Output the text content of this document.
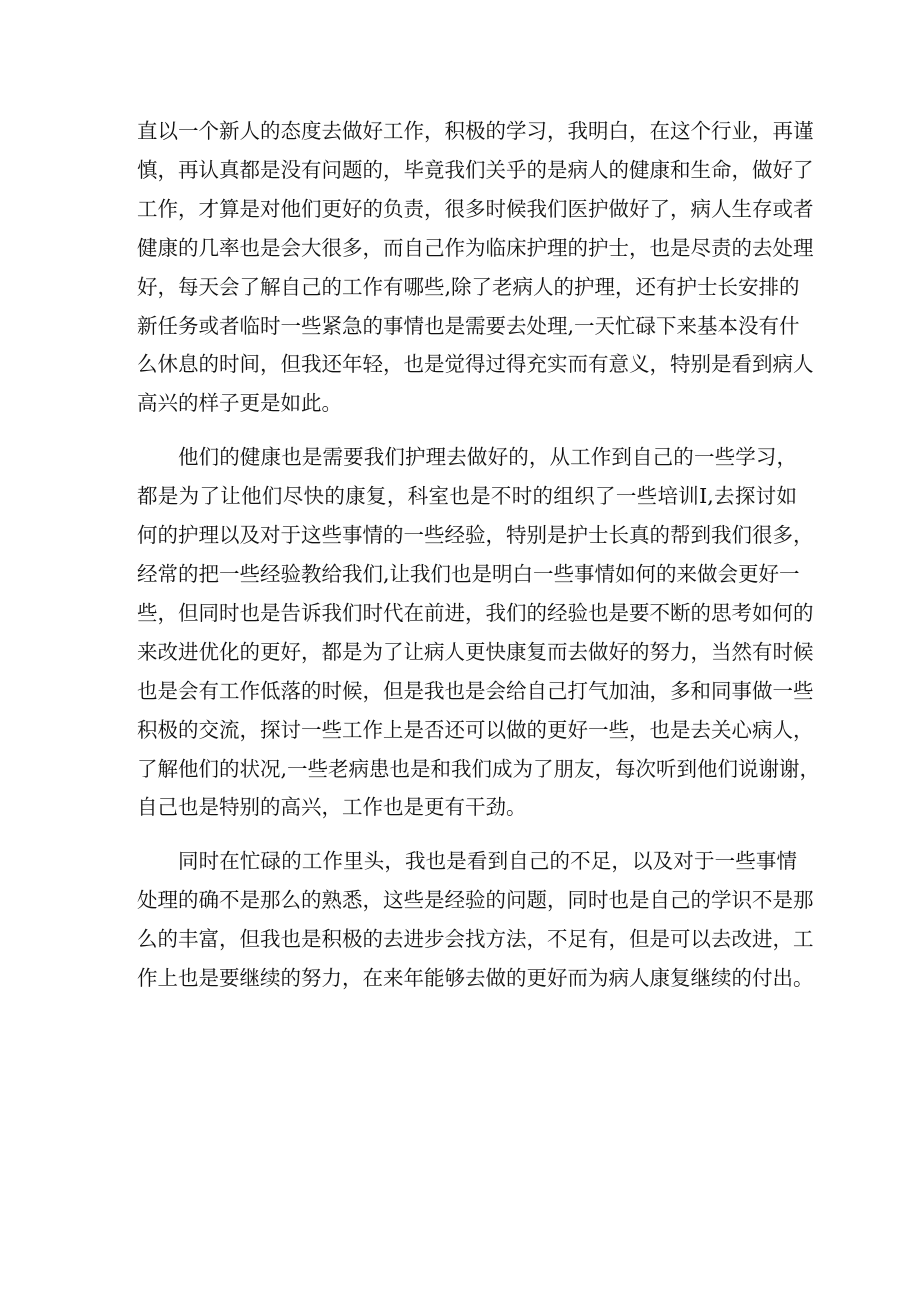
直以一个新人的态度去做好工作，积极的学习，我明白，在这个行业，再谨
慎，再认真都是没有问题的，毕竟我们关乎的是病人的健康和生命，做好了
工作，才算是对他们更好的负责，很多时候我们医护做好了，病人生存或者
健康的几率也是会大很多，而自己作为临床护理的护士，也是尽责的去处理
好，每天会了解自己的工作有哪些,除了老病人的护理，还有护士长安排的
新任务或者临时一些紧急的事情也是需要去处理,一天忙碌下来基本没有什
么休息的时间，但我还年轻，也是觉得过得充实而有意义，特别是看到病人
高兴的样子更是如此。
他们的健康也是需要我们护理去做好的，从工作到自己的一些学习，
都是为了让他们尽快的康复，科室也是不时的组织了一些培训I,去探讨如
何的护理以及对于这些事情的一些经验，特别是护士长真的帮到我们很多，
经常的把一些经验教给我们,让我们也是明白一些事情如何的来做会更好一
些，但同时也是告诉我们时代在前进，我们的经验也是要不断的思考如何的
来改进优化的更好，都是为了让病人更快康复而去做好的努力，当然有时候
也是会有工作低落的时候，但是我也是会给自己打气加油，多和同事做一些
积极的交流，探讨一些工作上是否还可以做的更好一些，也是去关心病人，
了解他们的状况,一些老病患也是和我们成为了朋友，每次听到他们说谢谢，
自己也是特别的高兴，工作也是更有干劲。
同时在忙碌的工作里头，我也是看到自己的不足，以及对于一些事情
处理的确不是那么的熟悉，这些是经验的问题，同时也是自己的学识不是那
么的丰富，但我也是积极的去进步会找方法，不足有，但是可以去改进，工
作上也是要继续的努力，在来年能够去做的更好而为病人康复继续的付出。
